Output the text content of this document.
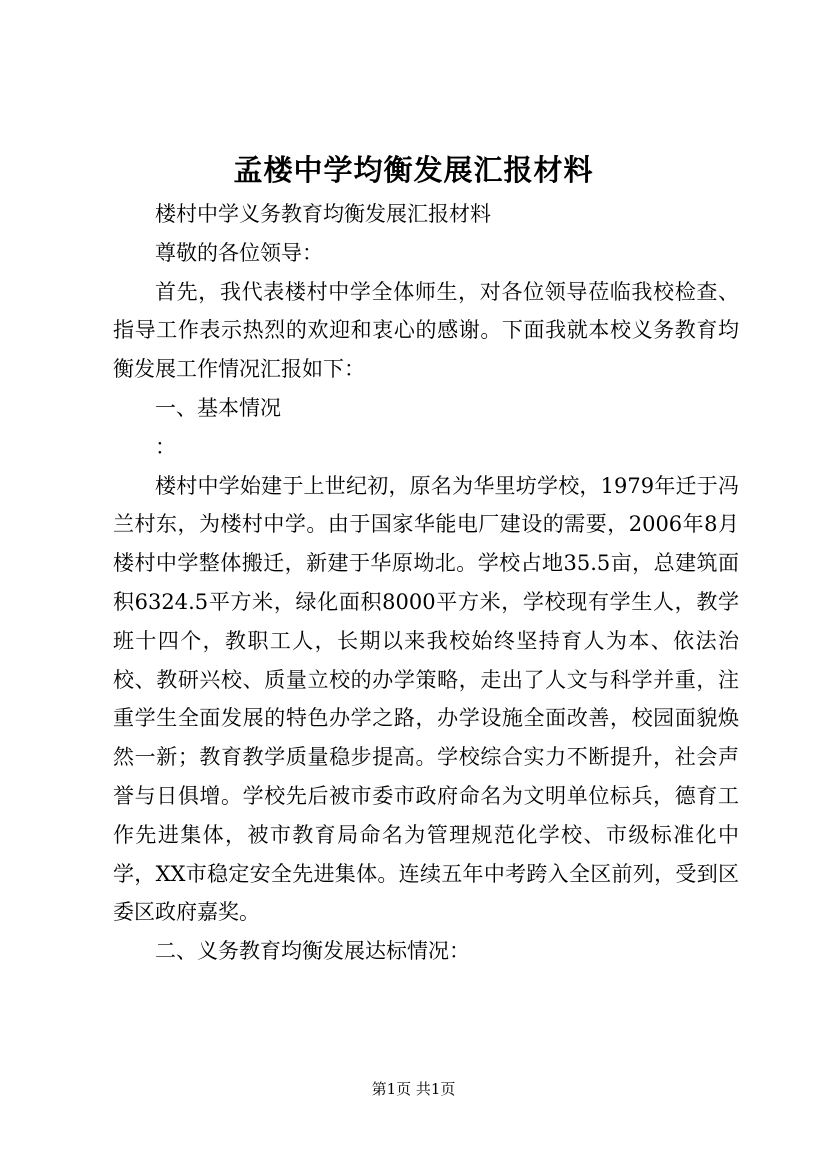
孟楼中学均衡发展汇报材料

楼村中学义务教育均衡发展汇报材料

尊敬的各位领导：

首先，我代表楼村中学全体师生，对各位领导莅临我校检查、指导工作表示热烈的欢迎和衷心的感谢。下面我就本校义务教育均衡发展工作情况汇报如下：

一、基本情况

：

楼村中学始建于上世纪初，原名为华里坊学校，1979年迁于冯兰村东，为楼村中学。由于国家华能电厂建设的需要，2006年8月楼村中学整体搬迁，新建于华原坳北。学校占地35.5亩，总建筑面积6324.5平方米，绿化面积8000平方米，学校现有学生人，教学班十四个，教职工人，长期以来我校始终坚持育人为本、依法治校、教研兴校、质量立校的办学策略，走出了人文与科学并重，注重学生全面发展的特色办学之路，办学设施全面改善，校园面貌焕然一新；教育教学质量稳步提高。学校综合实力不断提升，社会声誉与日俱增。学校先后被市委市政府命名为文明单位标兵，德育工作先进集体，被市教育局命名为管理规范化学校、市级标准化中学，XX市稳定安全先进集体。连续五年中考跨入全区前列，受到区委区政府嘉奖。

二、义务教育均衡发展达标情况：

第1页 共1页
